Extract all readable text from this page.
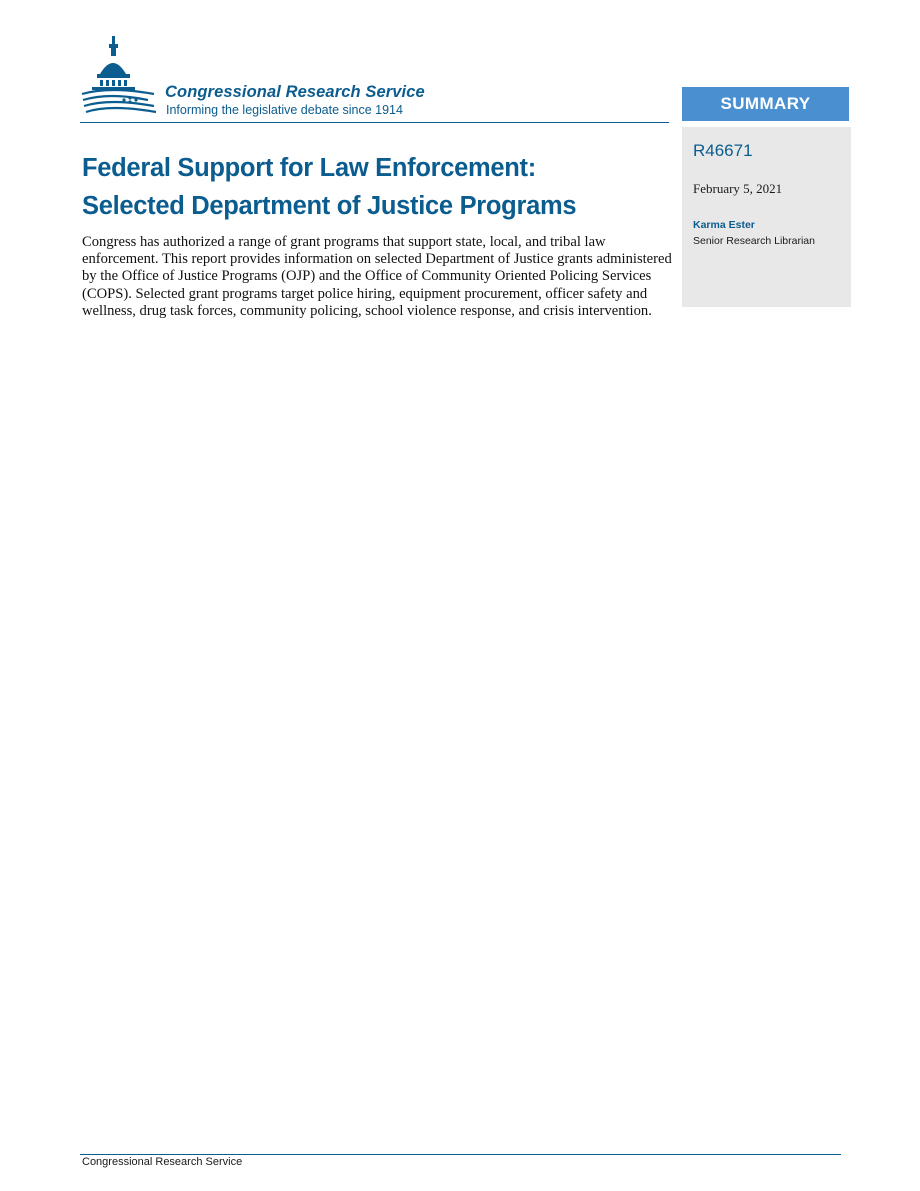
Congressional Research Service
Informing the legislative debate since 1914
Federal Support for Law Enforcement:
Selected Department of Justice Programs

Congress has authorized a range of grant programs that support state, local, and tribal law enforcement. This report provides information on selected Department of Justice grants administered by the Office of Justice Programs (OJP) and the Office of Community Oriented Policing Services (COPS). Selected grant programs target police hiring, equipment procurement, officer safety and wellness, drug task forces, community policing, school violence response, and crisis intervention.

SUMMARY
R46671
February 5, 2021
Karma Ester
Senior Research Librarian
Congressional Research Service
